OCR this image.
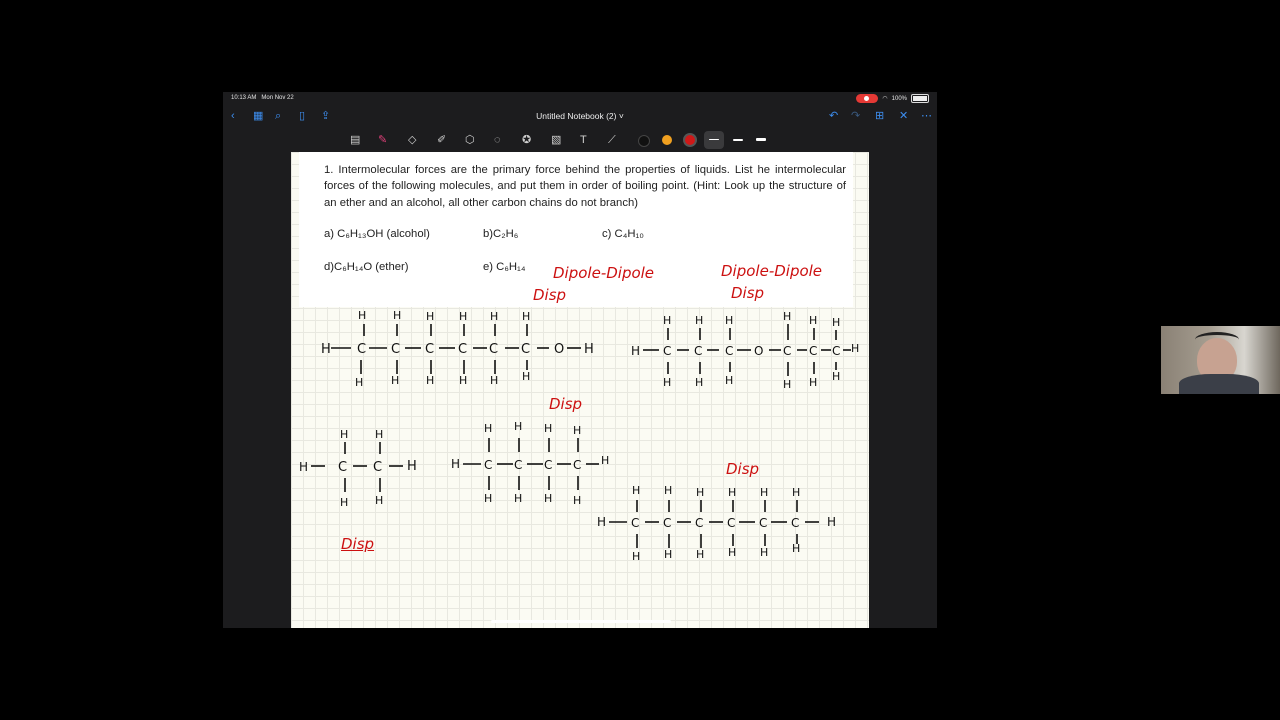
10:13 AM Mon Nov 22	◠ 100%
‹ ▦ ⌕ ▯ ⇪	Untitled Notebook (2) ˅	↶ ↷ ⊞ ✕ ⋯
▤ ✎ ◇ ✐ ⬡ ◌ ✪ ▧ T ⟋
1. Intermolecular forces are the primary force behind the properties of liquids. List he intermolecular forces of the following molecules, and put them in order of boiling point. (Hint: Look up the structure of an ether and an alcohol, all other carbon chains do not branch)
a) C₆H₁₃OH (alcohol)	b)C₂H₆	c) C₄H₁₀
d)C₆H₁₄O (ether)	e) C₆H₁₄ Dipole-Dipole
Disp
Dipole-Dipole
Disp
Disp
Disp
Disp
H C C C C C C O H
H H H H H H
H	H H H H H
H C C C O C C C H
H H H	H H H
H H H	H H H
H C C H
H H
H H
H C C C C H
H H H H
H H H H
H C C C C C C H
H H H H H H
H H H H H H
